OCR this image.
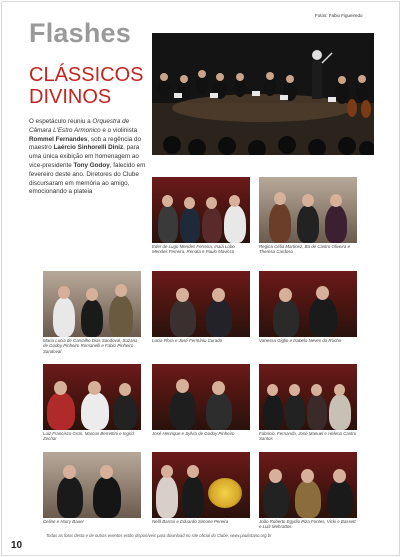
Flashes
Fotos: Fabio Figueiredo
CLÁSSICOS
DIVINOS
O espetáculo reuniu a Orquestra de Câmara L'Estro Armonico e o violinista Rommel Fernandes, sob a regência do maestro Laércio Sinhorelli Diniz, para uma única exibição em homenagem ao vice-presidente Tony Godoy, falecido em fevereiro deste ano. Diretores do Clube discursaram em memória ao amigo, emocionando a plateia
Eder de Lugo Mendes Ferreira, Inaiá Lobo Mendes Ferreira, Renata e Paulo Mavicco
Regina Célia Martinez, Ba de Castro Oliveira e Theresa Cardoso
Maria Lucia de Carvalho Dias Sandoval, Suzana de Godoy Pinheiro Romanelli e Fabio Pinheiro Sandoval
Lucia Flora e José Fermínio Curado	Vanessa Giglio e Isabela Neves da Rocha
Luiz Francisco Grün, Marcus Berrettini e Ingrid Zechar
José Henrique e Sylvia de Godoy Pinheiro	Fabricio, Fernanda, José Manuel e Helena Castro Santos
Celine e Harry Bauer	Nelã Barros e Eduardo Simone Pereira	João Roberto Egydio Piza Fontes, Vicki e Bassett e Luiz Mehrattos
Todas as fotos desta e de outras eventos estão disponíveis para download no site oficial do Clube, www.paulistano.org.br
10
